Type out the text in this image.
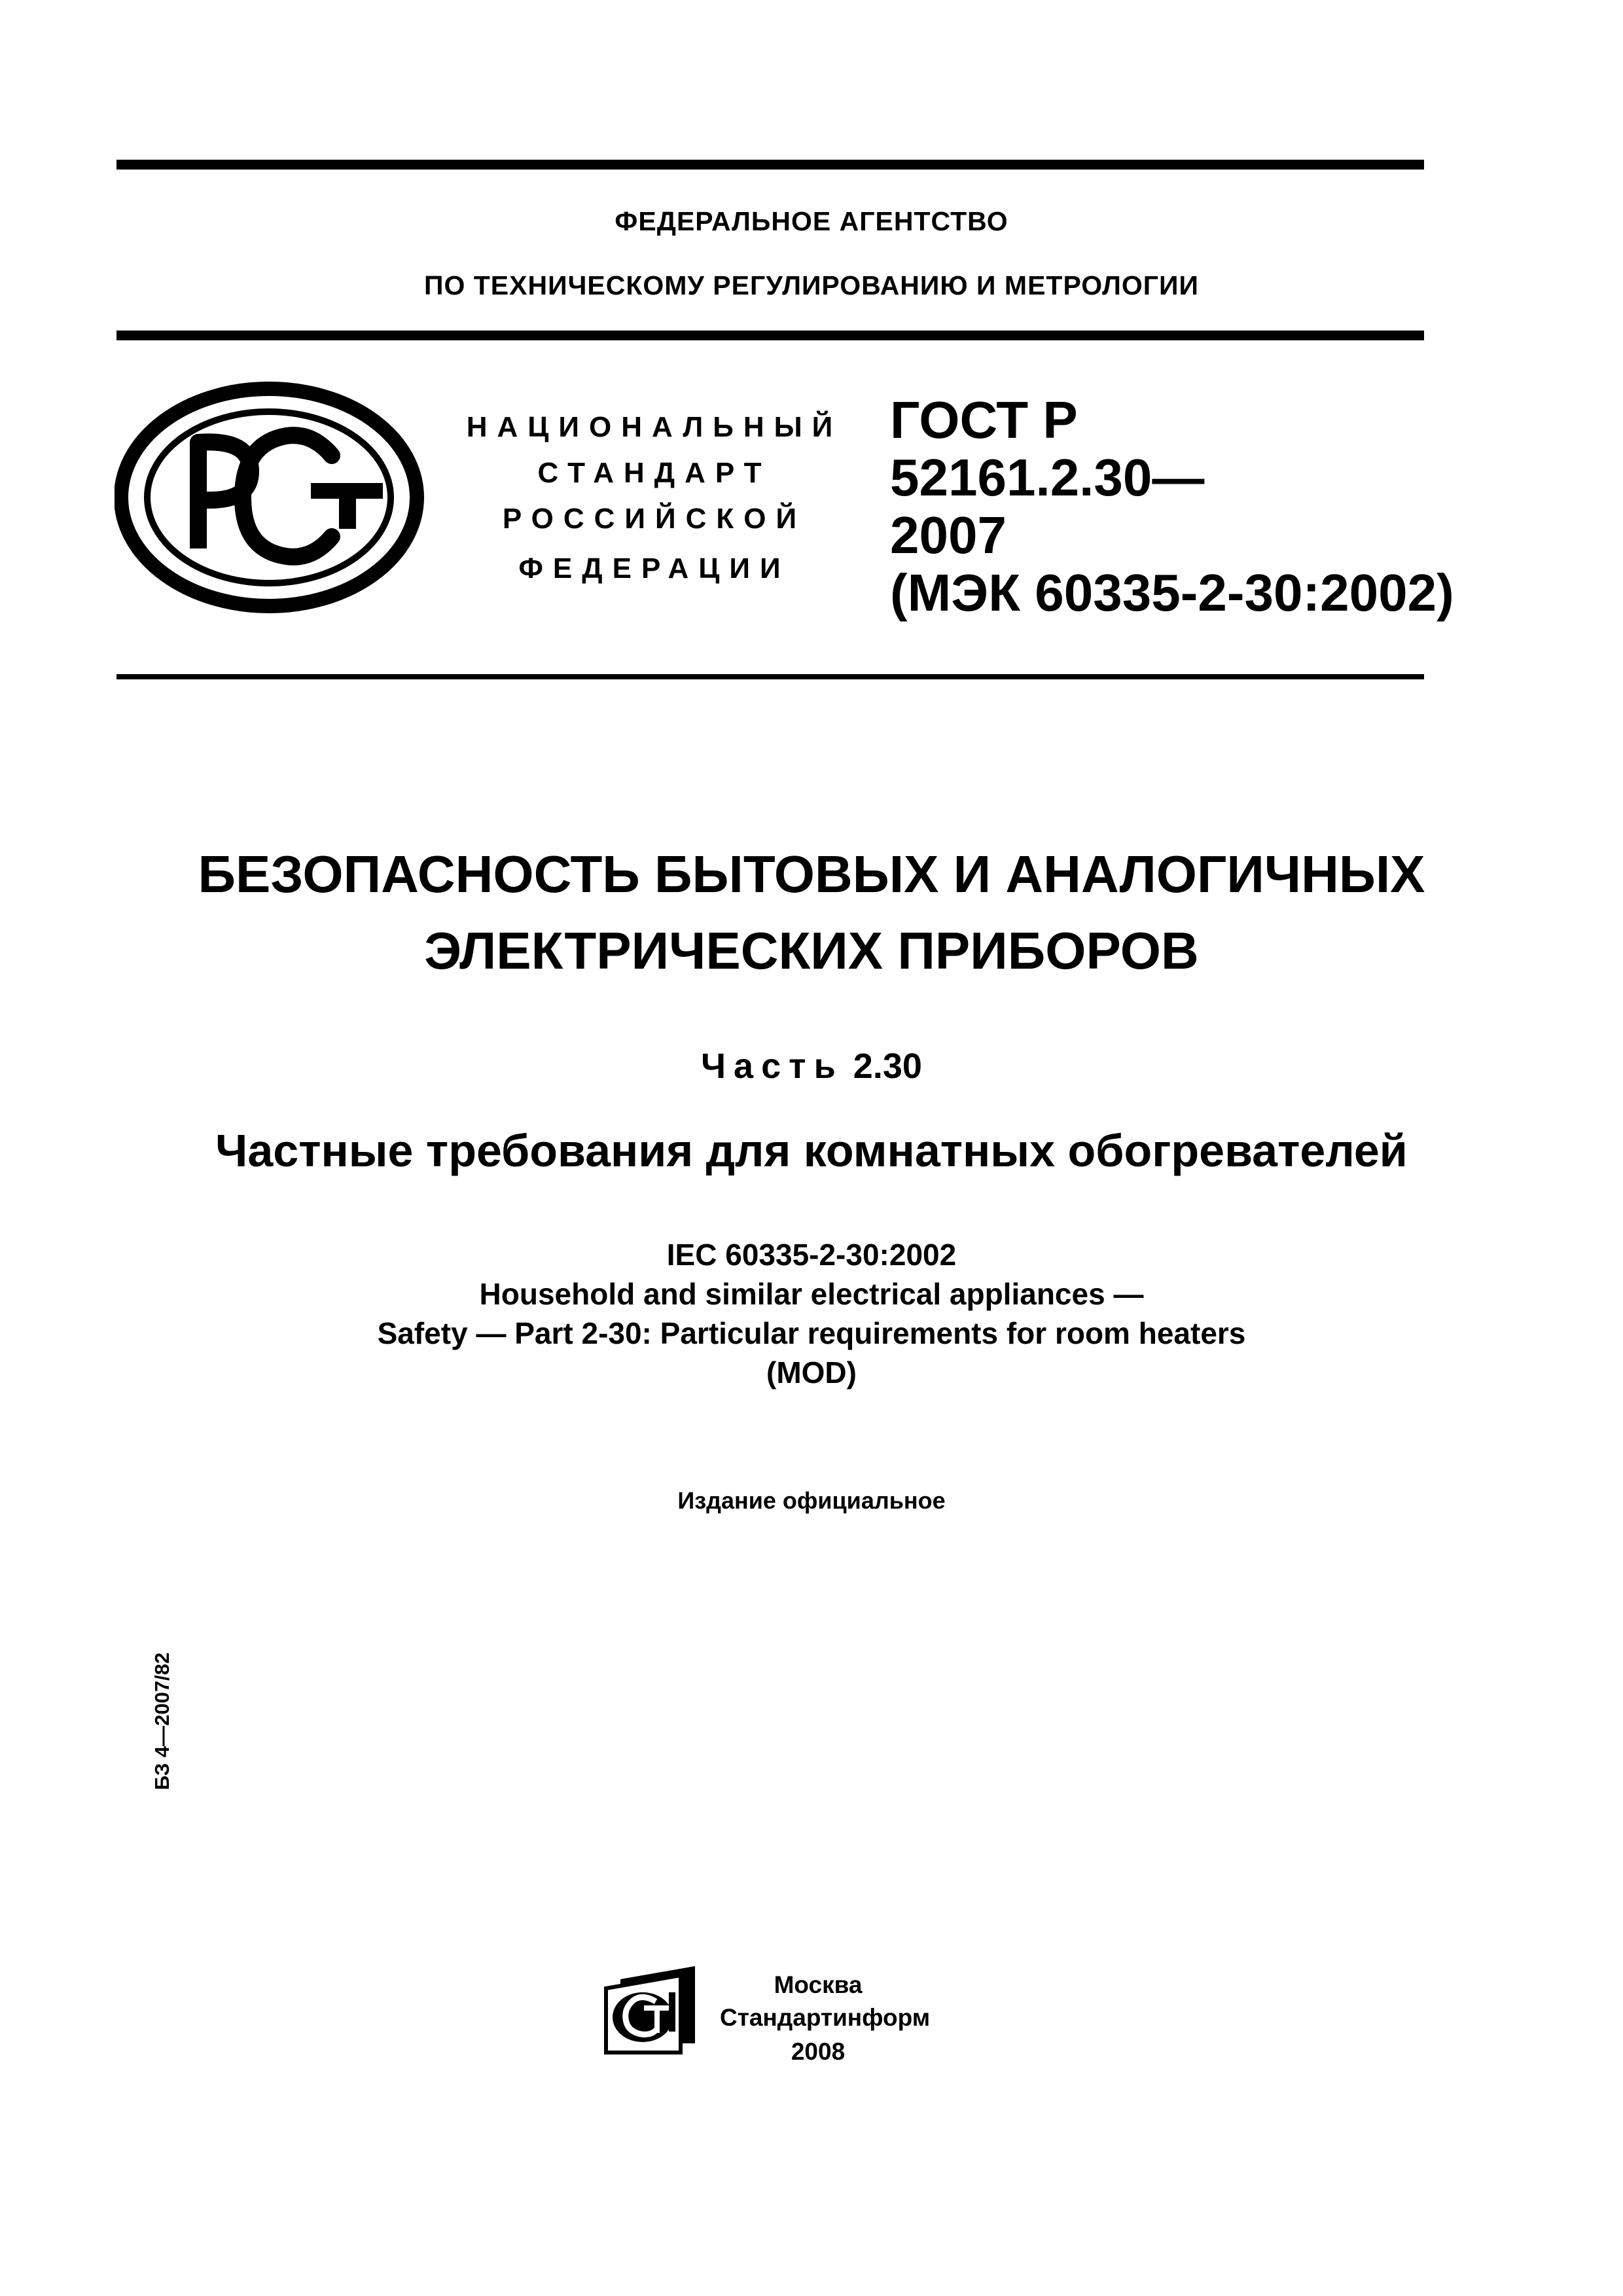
ФЕДЕРАЛЬНОЕ АГЕНТСТВО
ПО ТЕХНИЧЕСКОМУ РЕГУЛИРОВАНИЮ И МЕТРОЛОГИИ
НАЦИОНАЛЬНЫЙ
СТАНДАРТ
РОССИЙСКОЙ
ФЕДЕРАЦИИ
ГОСТ Р
52161.2.30—
2007
(МЭК 60335-2-30:2002)
БЕЗОПАСНОСТЬ БЫТОВЫХ И АНАЛОГИЧНЫХ
ЭЛЕКТРИЧЕСКИХ ПРИБОРОВ
Часть 2.30
Частные требования для комнатных обогревателей
IEC 60335-2-30:2002
Household and similar electrical appliances —
Safety — Part 2-30: Particular requirements for room heaters
(MOD)
Издание официальное
БЗ 4—2007/82
Москва
Стандартинформ
2008
